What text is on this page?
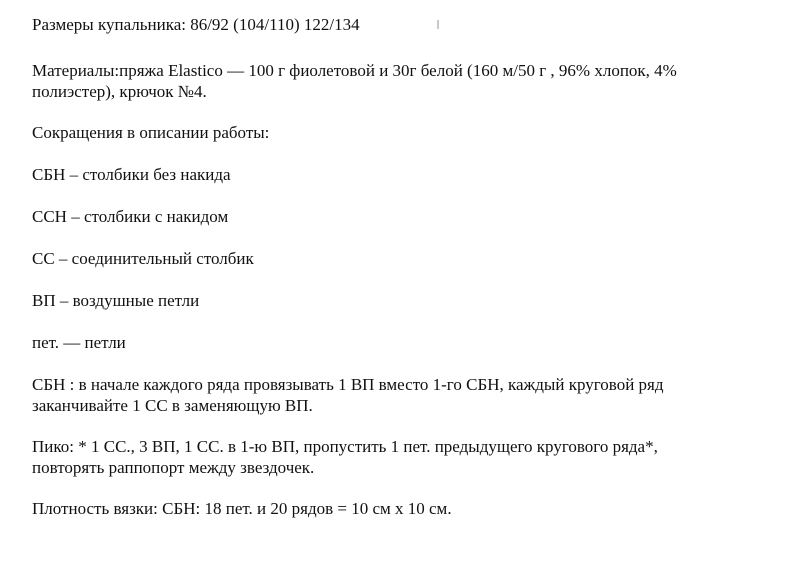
Размеры купальника: 86/92 (104/110) 122/134

Материалы:пряжа Elastico — 100 г фиолетовой и 30г белой (160 м/50 г , 96% хлопок, 4%
полиэстер), крючок №4.

Сокращения в описании работы:

СБН – столбики без накида

ССН – столбики с накидом

СС – соединительный столбик

ВП – воздушные петли

пет. — петли

СБН : в начале каждого ряда провязывать 1 ВП вместо 1-го СБН, каждый круговой ряд
заканчивайте 1 СС в заменяющую ВП.

Пико: * 1 СС., 3 ВП, 1 СС. в 1-ю ВП, пропустить 1 пет. предыдущего кругового ряда*,
повторять раппопорт между звездочек.

Плотность вязки: СБН: 18 пет. и 20 рядов = 10 см х 10 см.
